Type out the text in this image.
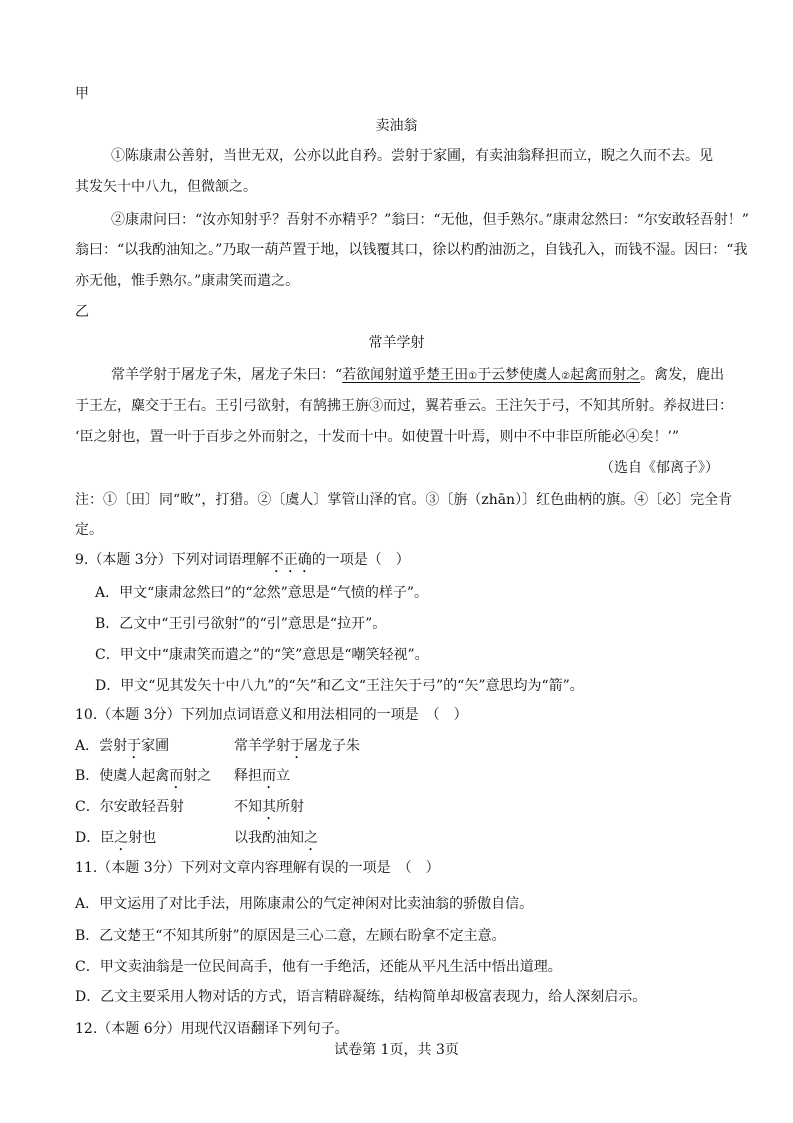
甲
卖油翁
①陈康肃公善射，当世无双，公亦以此自矜。尝射于家圃，有卖油翁释担而立，睨之久而不去。见
其发矢十中八九，但微颔之。
②康肃问曰：“汝亦知射乎？吾射不亦精乎？”翁曰：“无他，但手熟尔。”康肃忿然曰：“尔安敢轻吾射！”
翁曰：“以我酌油知之。”乃取一葫芦置于地，以钱覆其口，徐以杓酌油沥之，自钱孔入，而钱不湿。因曰：“我
亦无他，惟手熟尔。”康肃笑而遣之。
乙
常羊学射
常羊学射于屠龙子朱，屠龙子朱曰：“若欲闻射道乎楚王田①于云梦使虞人②起禽而射之。禽发，鹿出
于王左，麋交于王右。王引弓欲射，有鹄拂王旃③而过，翼若垂云。王注矢于弓，不知其所射。养叔进曰：
‘臣之射也，置一叶于百步之外而射之，十发而十中。如使置十叶焉，则中不中非臣所能必④矣！’”
（选自《郁离子》）
注：①〔田〕同“畋”，打猎。②〔虞人〕掌管山泽的官。③〔旃（zhān）〕红色曲柄的旗。④〔必〕完全肯
定。
9.（本题 3分）下列对词语理解不正确的一项是（　）
A．甲文“康肃忿然曰”的“忿然”意思是“气愤的样子”。
B．乙文中“王引弓欲射”的“引”意思是“拉开”。
C．甲文中“康肃笑而遣之”的“笑”意思是“嘲笑轻视”。
D．甲文“见其发矢十中八九”的“矢”和乙文“王注矢于弓”的“矢”意思均为“箭”。
10.（本题 3分）下列加点词语意义和用法相同的一项是　（　）
A．尝射于家圃	常羊学射于屠龙子朱
B．使虞人起禽而射之 释担而立
C．尔安敢轻吾射	不知其所射
D．臣之射也	以我酌油知之
11.（本题 3分）下列对文章内容理解有误的一项是　（　）
A．甲文运用了对比手法，用陈康肃公的气定神闲对比卖油翁的骄傲自信。
B．乙文楚王“不知其所射”的原因是三心二意，左顾右盼拿不定主意。
C．甲文卖油翁是一位民间高手，他有一手绝活，还能从平凡生活中悟出道理。
D．乙文主要采用人物对话的方式，语言精辟凝练，结构简单却极富表现力，给人深刻启示。
12.（本题 6分）用现代汉语翻译下列句子。
试卷第 1页，共 3页
